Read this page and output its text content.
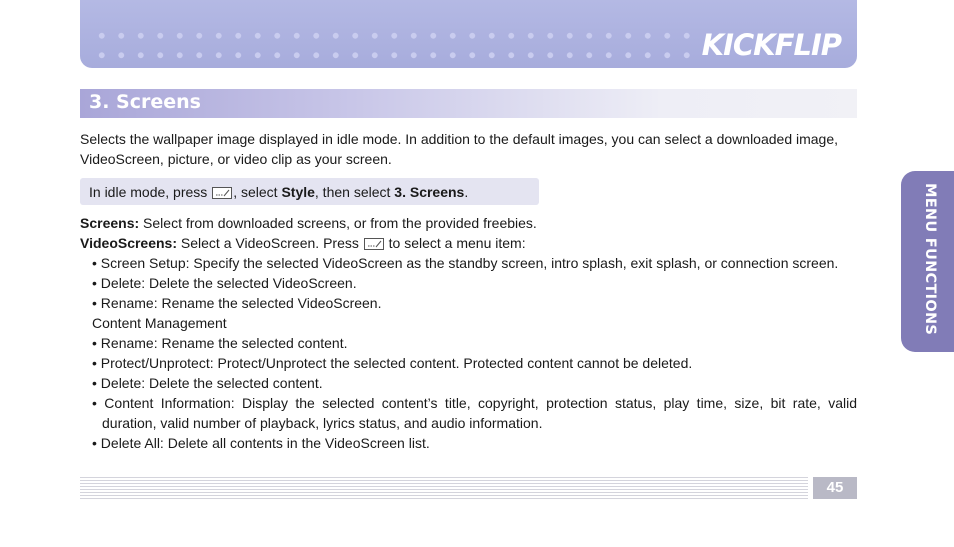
KICKFLIP
3. Screens
MENU FUNCTIONS
Selects the wallpaper image displayed in idle mode. In addition to the default images, you can select a downloaded image, VideoScreen, picture, or video clip as your screen.
In idle mode, press , select Style, then select 3. Screens.
Screens: Select from downloaded screens, or from the provided freebies.
VideoScreens: Select a VideoScreen. Press  to select a menu item:
• Screen Setup: Specify the selected VideoScreen as the standby screen, intro splash, exit splash, or connection screen.
• Delete: Delete the selected VideoScreen.
• Rename: Rename the selected VideoScreen.
Content Management
• Rename: Rename the selected content.
• Protect/Unprotect: Protect/Unprotect the selected content. Protected content cannot be deleted.
• Delete: Delete the selected content.
• Content Information: Display the selected content’s title, copyright, protection status, play time, size, bit rate, valid duration, valid number of playback, lyrics status, and audio information.
• Delete All: Delete all contents in the VideoScreen list.
45
